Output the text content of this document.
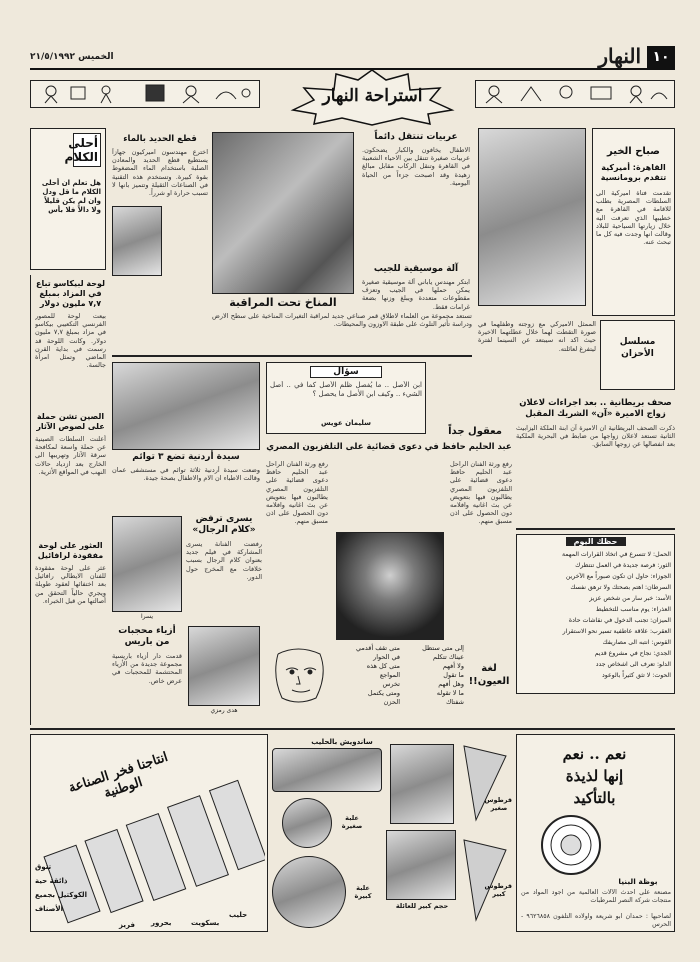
١٠
النهار
الخميس ٢١/٥/١٩٩٢
استراحة النهار
أحلى الكلام
هل تعلم ان أحلى الكلام ما قل ودل وان لم يكن قليلاً ولا دالاً فلا بأس
لوحة لبيكاسو تباع في المزاد بمبلغ ٧,٧ مليون دولار
بيعت لوحة للمصور الفرنسي التكعيبي بيكاسو في مزاد بمبلغ ٧,٧ مليون دولار. وكانت اللوحة قد رسمت في بداية القرن الماضي وتمثل امرأة جالسة.
الصين تشن حملة على لصوص الآثار
أعلنت السلطات الصينية عن حملة واسعة لمكافحة سرقة الآثار وتهريبها الى الخارج بعد ازدياد حالات النهب في المواقع الأثرية.
العثور على لوحة مفقودة لرافائيل
عثر على لوحة مفقودة للفنان الايطالي رافائيل بعد اختفائها لعقود طويلة ويجري حالياً التحقق من أصالتها من قبل الخبراء.
صباح الخير
القاهرة: أميركية تتقدم برومانسية
تقدمت فتاة اميركية الى السلطات المصرية بطلب للاقامة في القاهرة مع خطيبها الذي تعرفت اليه خلال زيارتها السياحية للبلاد وقالت انها وجدت فيه كل ما تبحث عنه.
الممثل الاميركي مع زوجته وطفلهما في صورة التقطت لهما خلال عطلتهما الاخيرة حيث اكد انه سيبتعد عن السينما لفترة ليتفرغ لعائلته.
مسلسل الأحزان
عربيات تنتقل دائماً
الاطفال يخافون والكبار يضحكون. عربيات صغيرة تتنقل بين الاحياء الشعبية في القاهرة وتنقل الركاب مقابل مبالغ زهيدة وقد اصبحت جزءاً من الحياة اليومية.
آلة موسيقية للجيب
ابتكر مهندس ياباني آلة موسيقية صغيرة يمكن حملها في الجيب وتعزف مقطوعات متعددة ويبلغ وزنها بضعة غرامات فقط.
المناخ تحت المراقبة
تستعد مجموعة من العلماء لاطلاق قمر صناعي جديد لمراقبة التغيرات المناخية على سطح الارض ودراسة تأثير التلوث على طبقة الاوزون والمحيطات.
قطع الحديد بالماء
اخترع مهندسون اميركيون جهازاً يستطيع قطع الحديد والمعادن الصلبة باستخدام الماء المضغوط بقوة كبيرة. وتستخدم هذه التقنية في الصناعات الثقيلة وتتميز بانها لا تسبب حرارة او شرراً.
سيدة أردنية تضع ٣ توائم
وضعت سيدة أردنية ثلاثة توائم في مستشفى عمان وقالت الاطباء ان الام والاطفال بصحة جيدة.
سؤال
ابن الأصل .. ما يُفصل ظلم الأصل كما في .. أصل الشيء .. وكيف ابن الأصل ما يحصل ؟
سليمان عويس
معقول جداً
عبد الحليم حافظ في دعوى قضائية على التلفزيون المصري
رفع ورثة الفنان الراحل عبد الحليم حافظ دعوى قضائية على التلفزيون المصري يطالبون فيها بتعويض عن بث اغانيه وافلامه دون الحصول على اذن مسبق منهم.
رفع ورثة الفنان الراحل عبد الحليم حافظ دعوى قضائية على التلفزيون المصري يطالبون فيها بتعويض عن بث اغانيه وافلامه دون الحصول على اذن مسبق منهم.
صحف بريطانية .. بعد اجراءات لاعلان زواج الاميرة «آن» الشريك المقبل
ذكرت الصحف البريطانية ان الاميرة آن ابنة الملكة اليزابيث الثانية تستعد لاعلان زواجها من ضابط في البحرية الملكية بعد انفصالها عن زوجها السابق.
حظك اليوم
الحمل: لا تتسرع في اتخاذ القرارات المهمة
الثور: فرصة جديدة في العمل تنتظرك
الجوزاء: حاول ان تكون صبوراً مع الآخرين
السرطان: اهتم بصحتك ولا ترهق نفسك
الأسد: خبر سار من شخص عزيز
العذراء: يوم مناسب للتخطيط
الميزان: تجنب الدخول في نقاشات حادة
العقرب: علاقة عاطفية تسير نحو الاستقرار
القوس: انتبه الى مصاريفك
الجدي: نجاح في مشروع قديم
الدلو: تعرف الى اشخاص جدد
الحوت: لا تثق كثيراً بالوعود
يسرى ترفض «كلام الرجال»
رفضت الفنانة يسرى المشاركة في فيلم جديد بعنوان كلام الرجال بسبب خلافات مع المخرج حول الدور.
يسرا
أزياء محجبات من باريس
قدمت دار أزياء باريسية مجموعة جديدة من الأزياء المحتشمة للمحجبات في عرض خاص.
هدى رمزي
متى تقف أقدمي
في الحوار
متى كل هذه
المواجع
تخرس
ومتى يكتمل
الحزن
إلى متى ستظل
عيناك تتكلم
ولا أفهم
ما تقول
وهل أفهم
ما لا تقوله
شفتاك
لغة العيون!!
انتاجنا فخر الصناعة الوطنية
حليب
بسكويت
بحرور
فريز
تتوق
ذائقة حية
الكوكتيل بجميع
الأصناف
ساندويش بالحليب
علبة صغيرة
علبة كبيرة
حجم كبير للعائلة
قرطوس صغير
قرطوس كبير
نعم .. نعم
إنها لذيذة
بالتأكيد
بوظة البنيا
مصنعة على أحدث الآلات العالمية من أجود المواد من منتجات شركة النصر للمرطبات
لصاحبها : حمدان ابو شريعة واولاده التلفون ٩٦٢٦٨٥٨ - الحرس
